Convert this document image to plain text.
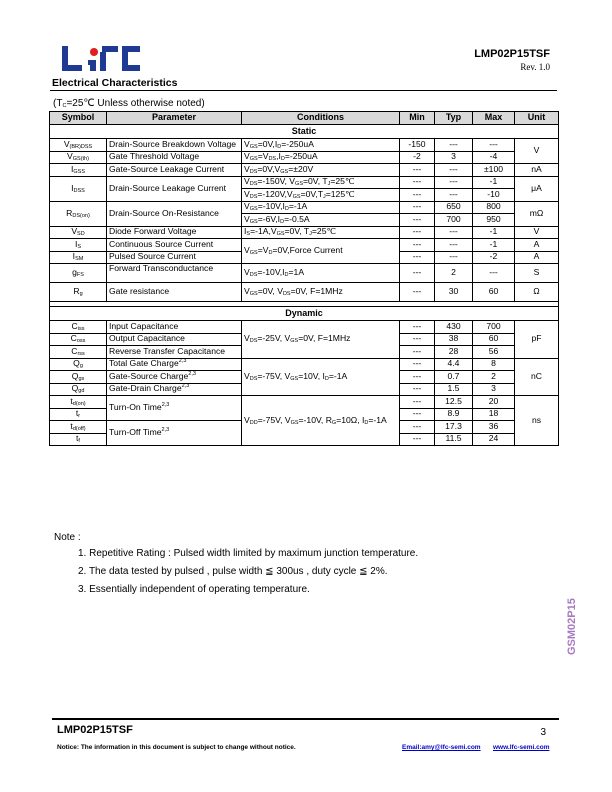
LMP02P15TSF
Rev. 1.0
Electrical Characteristics
($T_C=25℃$ Unless otherwise noted)
Symbol	Parameter	Conditions	Min	Typ	Max	Unit
Static						
$V_{(BR)DSS}$	Drain-Source Breakdown Voltage	$V_{GS}=0V,I_D=-250uA$	-150	---	---	V
$V_{GS(th)}$	Gate Threshold Voltage	$V_{GS}=V_{DS},I_D=-250uA$	-2	3	-4	
$I_{GSS}$	Gate-Source Leakage Current	$V_{DS}=0V,V_{GS}=\pm 20V$	---	---	±100	nA
$I_{DSS}$	Drain-Source Leakage Current	$V_{DS}=-150V$, $V_{GS}=0V$, $T_J=25℃$	---	---	-1	μA
		$V_{DS}=-120V,V_{GS}=0V,T_J=125℃$	---	---	-10	
$R_{DS(on)}$	Drain-Source On-Resistance	$V_{GS}=-10V,I_D=-1A$	---	650	800	mΩ
		$V_{GS}=-6V,I_D=-0.5A$	---	700	950	
$V_{SD}$	Diode Forward Voltage	$I_S=-1A,V_{GS}=0V$, $T_J=25℃$	---	---	-1	V
$I_S$	Continuous Source Current	$V_{GS}=V_D=0V,Force$ Current	---	---	-1	A
$I_{SM}$	Pulsed Source Current		---	---	-2	A
$g_{FS}$	Forward Transconductance	$V_{DS}=-10V,I_D=1A$	---	2	---	S
$R_g$	Gate resistance	$V_{GS}=0V$, $V_{DS}=0V$, F=1MHz	---	30	60	Ω

Dynamic						
$C_{iss}$	Input Capacitance	$V_{DS}=-25V$, $V_{GS}=0V$, F=1MHz	---	430	700	pF
$C_{oss}$	Output Capacitance		---	38	60	
$C_{rss}$	Reverse Transfer Capacitance		---	28	56	
$Q_g$	Total Gate Charge$^{2,3}$	$V_{DS}=-75V$, $V_{GS}=10V$, $I_D=-1A$	---	4.4	8	nC
$Q_{gs}$	Gate-Source Charge$^{2,3}$		---	0.7	2	
$Q_{gd}$	Gate-Drain Charge$^{2,3}$		---	1.5	3	
$t_{d(on)}$	Turn-On Time$^{2,3}$	$V_{DD}=-75V$, $V_{GS}=-10V$, $R_G=10\Omega$, $I_D=-1A$	---	12.5	20	ns
$t_r$			---	8.9	18	
$t_{d(off)}$	Turn-Off Time$^{2,3}$		---	17.3	36	
$t_f$			---	11.5	24	
Note :
1. Repetitive Rating : Pulsed width limited by maximum junction temperature.
2. The data tested by pulsed , pulse width ≦ 300us , duty cycle ≦ 2%.
3. Essentially independent of operating temperature.
GSM02P15
LMP02P15TSF	3
Notice: The information in this document is subject to change without notice.	Email:amy@lfc-semi.com www.lfc-semi.com
